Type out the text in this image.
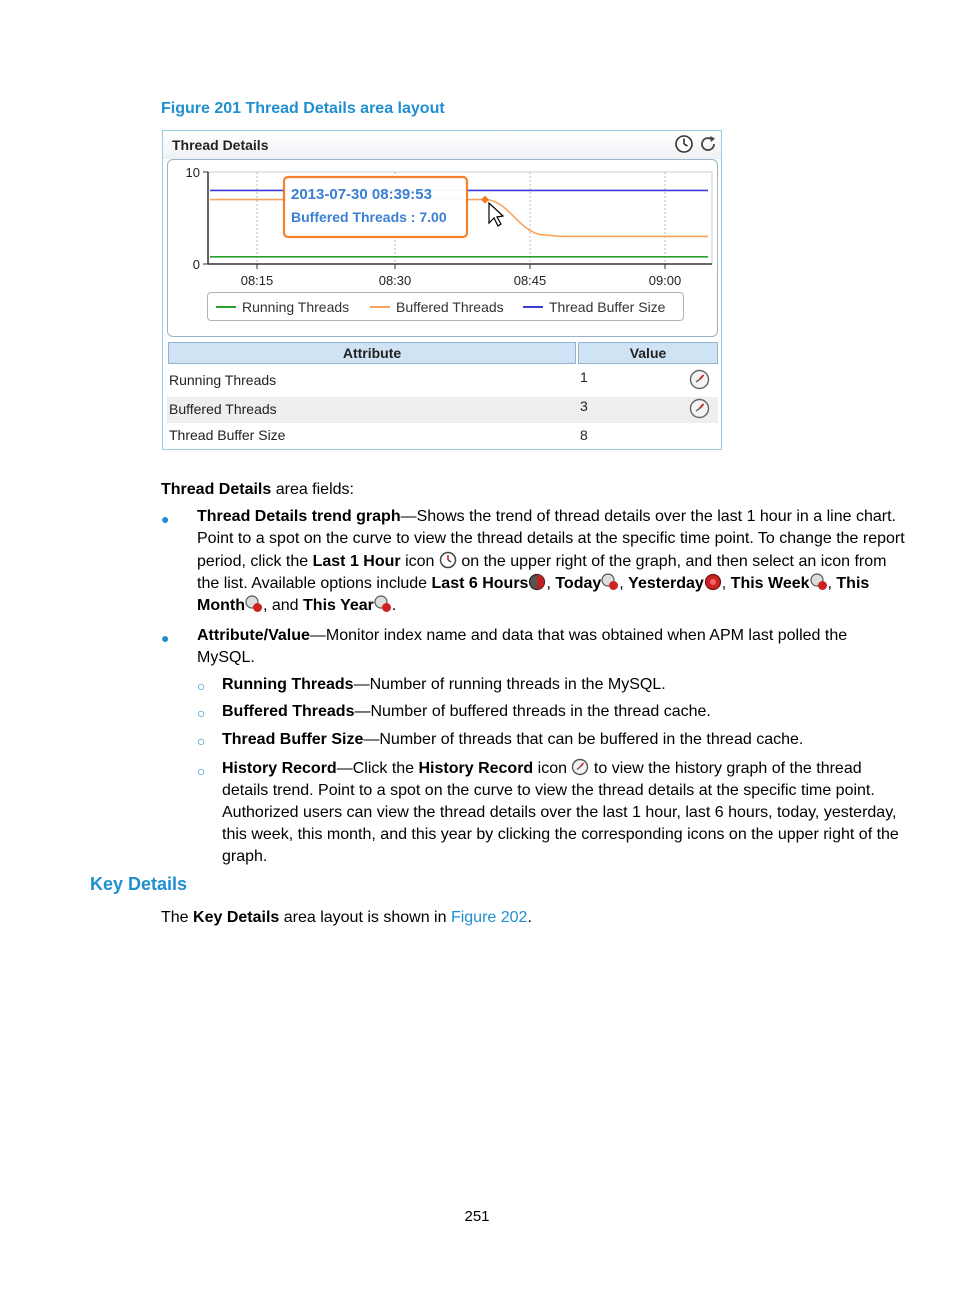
Figure 201 Thread Details area layout
Thread Details
10
0
08:15	08:30	08:45	09:00
2013-07-30 08:39:53
Buffered Threads : 7.00
Running Threads	Buffered Threads	Thread Buffer Size
Attribute	Value
Running Threads	1
Buffered Threads	3
Thread Buffer Size	8
Thread Details area fields:
● Thread Details trend graph—Shows the trend of thread details over the last 1 hour in a line chart.
Point to a spot on the curve to view the thread details at the specific time point. To change the report
period, click the Last 1 Hour icon  on the upper right of the graph, and then select an icon from
the list. Available options include Last 6 Hours , Today , Yesterday , This Week , This
Month , and This Year .
● Attribute/Value—Monitor index name and data that was obtained when APM last polled the
MySQL.
○ Running Threads—Number of running threads in the MySQL.
○ Buffered Threads—Number of buffered threads in the thread cache.
○ Thread Buffer Size—Number of threads that can be buffered in the thread cache.
○ History Record—Click the History Record icon  to view the history graph of the thread
details trend. Point to a spot on the curve to view the thread details at the specific time point.
Authorized users can view the thread details over the last 1 hour, last 6 hours, today, yesterday,
this week, this month, and this year by clicking the corresponding icons on the upper right of the
graph.
Key Details
The Key Details area layout is shown in Figure 202.
251
